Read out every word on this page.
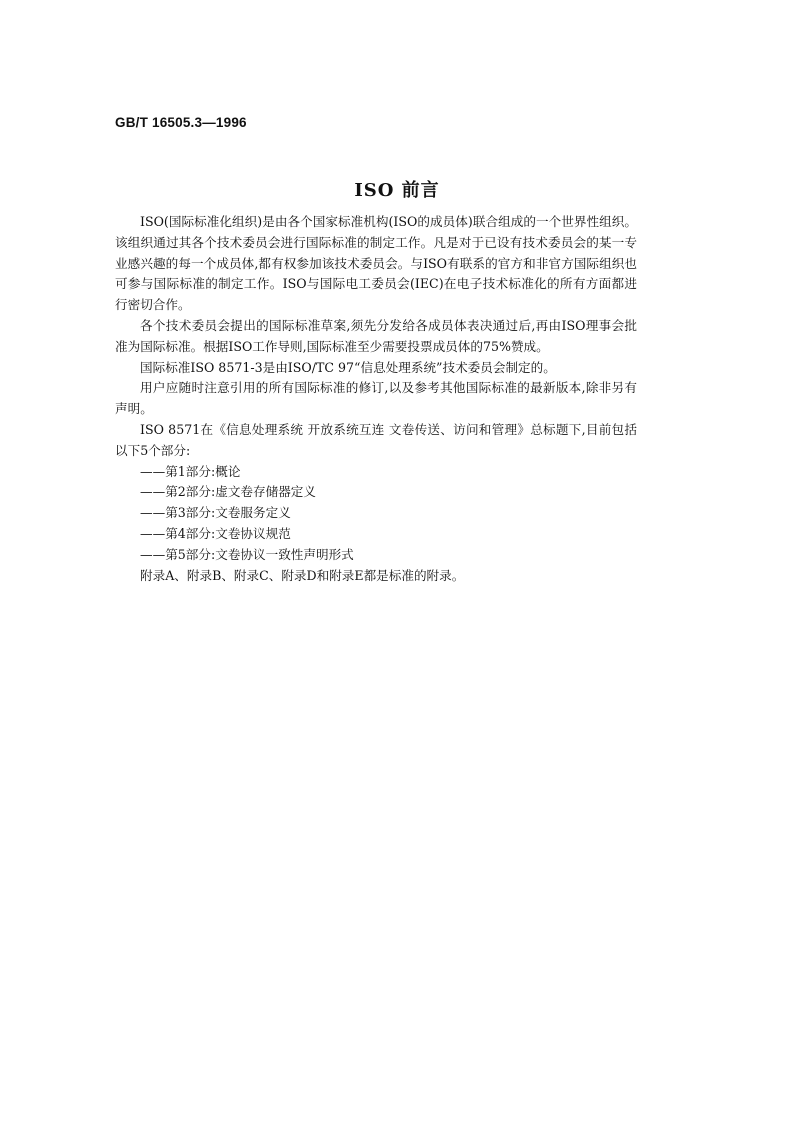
GB/T 16505.3—1996
ISO 前言

ISO(国际标准化组织)是由各个国家标准机构(ISO的成员体)联合组成的一个世界性组织。该组织通过其各个技术委员会进行国际标准的制定工作。凡是对于已设有技术委员会的某一专业感兴趣的每一个成员体,都有权参加该技术委员会。与ISO有联系的官方和非官方国际组织也可参与国际标准的制定工作。ISO与国际电工委员会(IEC)在电子技术标准化的所有方面都进行密切合作。

各个技术委员会提出的国际标准草案,须先分发给各成员体表决通过后,再由ISO理事会批准为国际标准。根据ISO工作导则,国际标准至少需要投票成员体的75%赞成。

国际标准ISO 8571-3是由ISO/TC 97“信息处理系统”技术委员会制定的。

用户应随时注意引用的所有国际标准的修订,以及参考其他国际标准的最新版本,除非另有声明。

ISO 8571在《信息处理系统 开放系统互连 文卷传送、访问和管理》总标题下,目前包括以下5个部分:

——第1部分:概论

——第2部分:虚文卷存储器定义

——第3部分:文卷服务定义

——第4部分:文卷协议规范

——第5部分:文卷协议一致性声明形式

附录A、附录B、附录C、附录D和附录E都是标准的附录。
